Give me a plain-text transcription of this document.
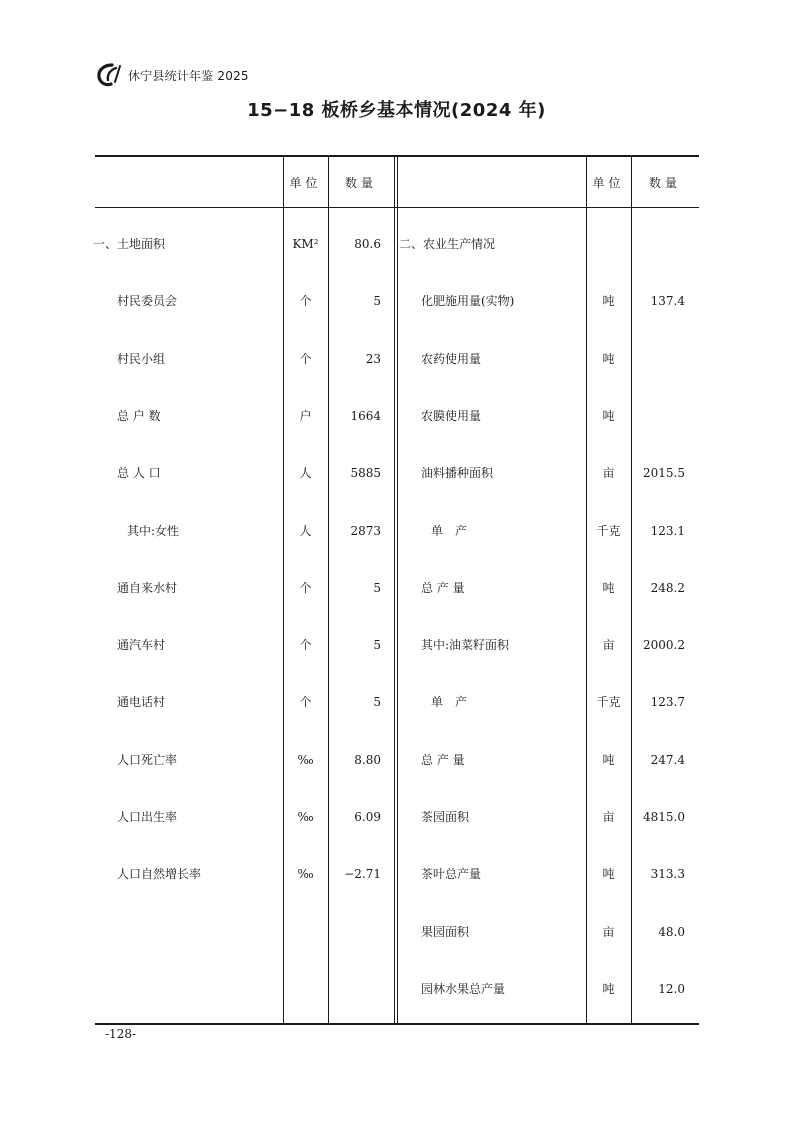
休宁县统计年鉴 2025
15−18 板桥乡基本情况(2024 年)
单位	数量	单位	数量
一、土地面积	KM²	80.6
村民委员会	个	5
村民小组	个	23
总 户 数	户	1664
总 人 口	人	5885
其中:女性	人	2873
通自来水村	个	5
通汽车村	个	5
通电话村	个	5
人口死亡率	‰	8.80
人口出生率	‰	6.09
人口自然增长率	‰	−2.71
二、农业生产情况
化肥施用量(实物)	吨	137.4
农药使用量	吨
农膜使用量	吨
油料播种面积	亩	2015.5
单　产	千克	123.1
总 产 量	吨	248.2
其中:油菜籽面积	亩	2000.2
单　产	千克	123.7
总 产 量	吨	247.4
茶园面积	亩	4815.0
茶叶总产量	吨	313.3
果园面积	亩	48.0
园林水果总产量	吨	12.0
-128-
